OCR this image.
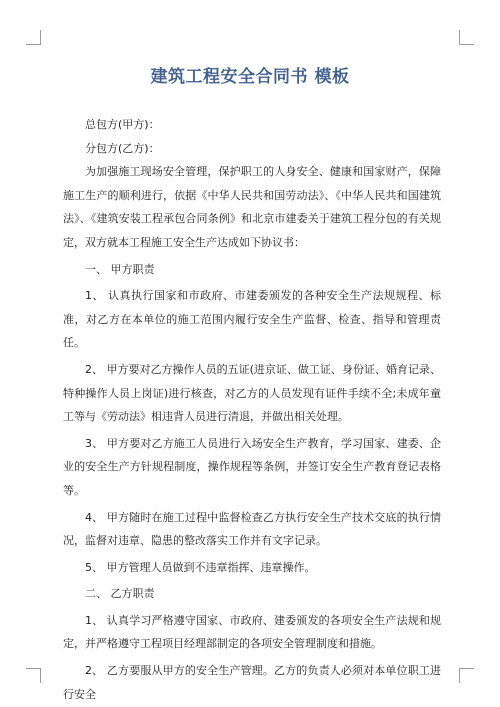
建筑工程安全合同书 模板

总包方(甲方)：

分包方(乙方)：

为加强施工现场安全管理，保护职工的人身安全、健康和国家财产，保障施工生产的顺利进行，依据《中华人民共和国劳动法》、《中华人民共和国建筑法》、《建筑安装工程承包合同条例》和北京市建委关于建筑工程分包的有关规定，双方就本工程施工安全生产达成如下协议书：

一、 甲方职责

1、 认真执行国家和市政府、市建委颁发的各种安全生产法规规程、标准，对乙方在本单位的施工范围内履行安全生产监督、检查、指导和管理责任。

2、 甲方要对乙方操作人员的五证(进京证、做工证、身份证、婚育记录、特种操作人员上岗证)进行核查，对乙方的人员发现有证件手续不全;未成年童工等与《劳动法》相违背人员进行清退，并做出相关处理。

3、 甲方要对乙方施工人员进行入场安全生产教育，学习国家、建委、企业的安全生产方针规程制度，操作规程等条例，并签订安全生产教育登记表格等。

4、 甲方随时在施工过程中监督检查乙方执行安全生产技术交底的执行情况，监督对违章、隐患的整改落实工作并有文字记录。

5、 甲方管理人员做到不违章指挥、违章操作。

二、 乙方职责

1、 认真学习严格遵守国家、市政府、建委颁发的各项安全生产法规和规定，并严格遵守工程项目经理部制定的各项安全管理制度和措施。

2、 乙方要服从甲方的安全生产管理。乙方的负责人必须对本单位职工进行安全
